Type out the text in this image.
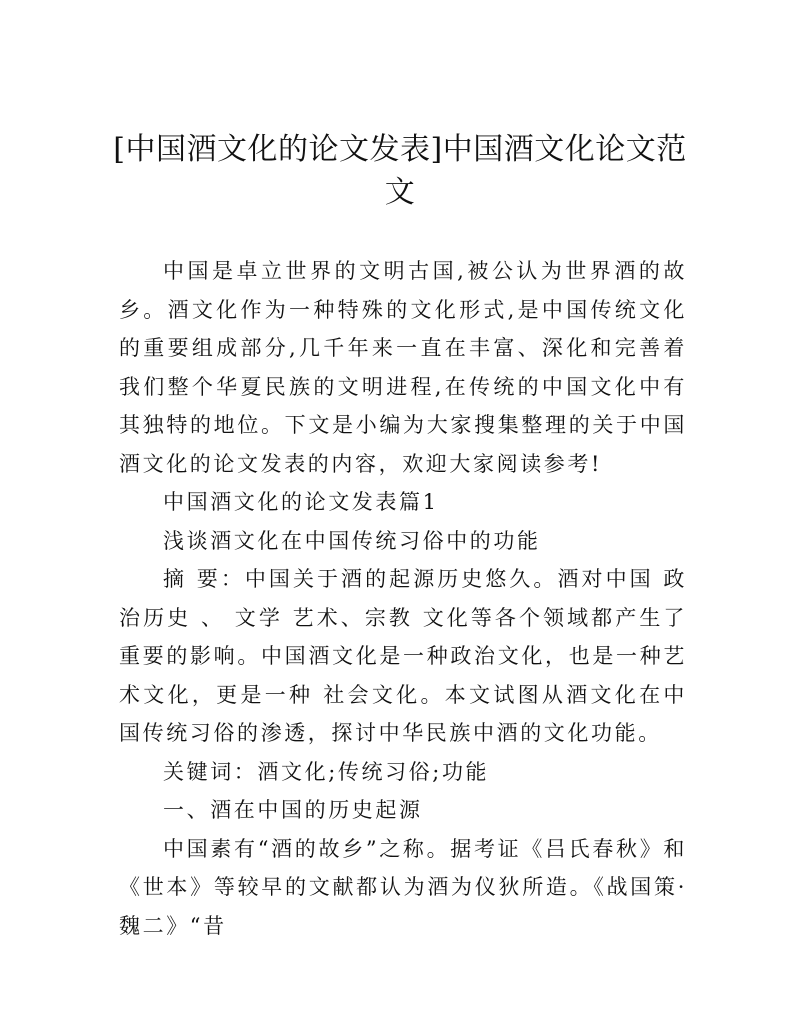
[中国酒文化的论文发表]中国酒文化论文范文

中国是卓立世界的文明古国,被公认为世界酒的故乡。酒文化作为一种特殊的文化形式,是中国传统文化的重要组成部分,几千年来一直在丰富、深化和完善着我们整个华夏民族的文明进程,在传统的中国文化中有其独特的地位。下文是小编为大家搜集整理的关于中国酒文化的论文发表的内容，欢迎大家阅读参考!

中国酒文化的论文发表篇1

浅谈酒文化在中国传统习俗中的功能

摘 要：中国关于酒的起源历史悠久。酒对中国 政治历史 、 文学 艺术、宗教 文化等各个领域都产生了重要的影响。中国酒文化是一种政治文化，也是一种艺术文化，更是一种 社会文化。本文试图从酒文化在中国传统习俗的渗透，探讨中华民族中酒的文化功能。

关键词：酒文化;传统习俗;功能

一、酒在中国的历史起源

中国素有“酒的故乡”之称。据考证《吕氏春秋》和《世本》等较早的文献都认为酒为仪狄所造。《战国策·魏二》“昔
